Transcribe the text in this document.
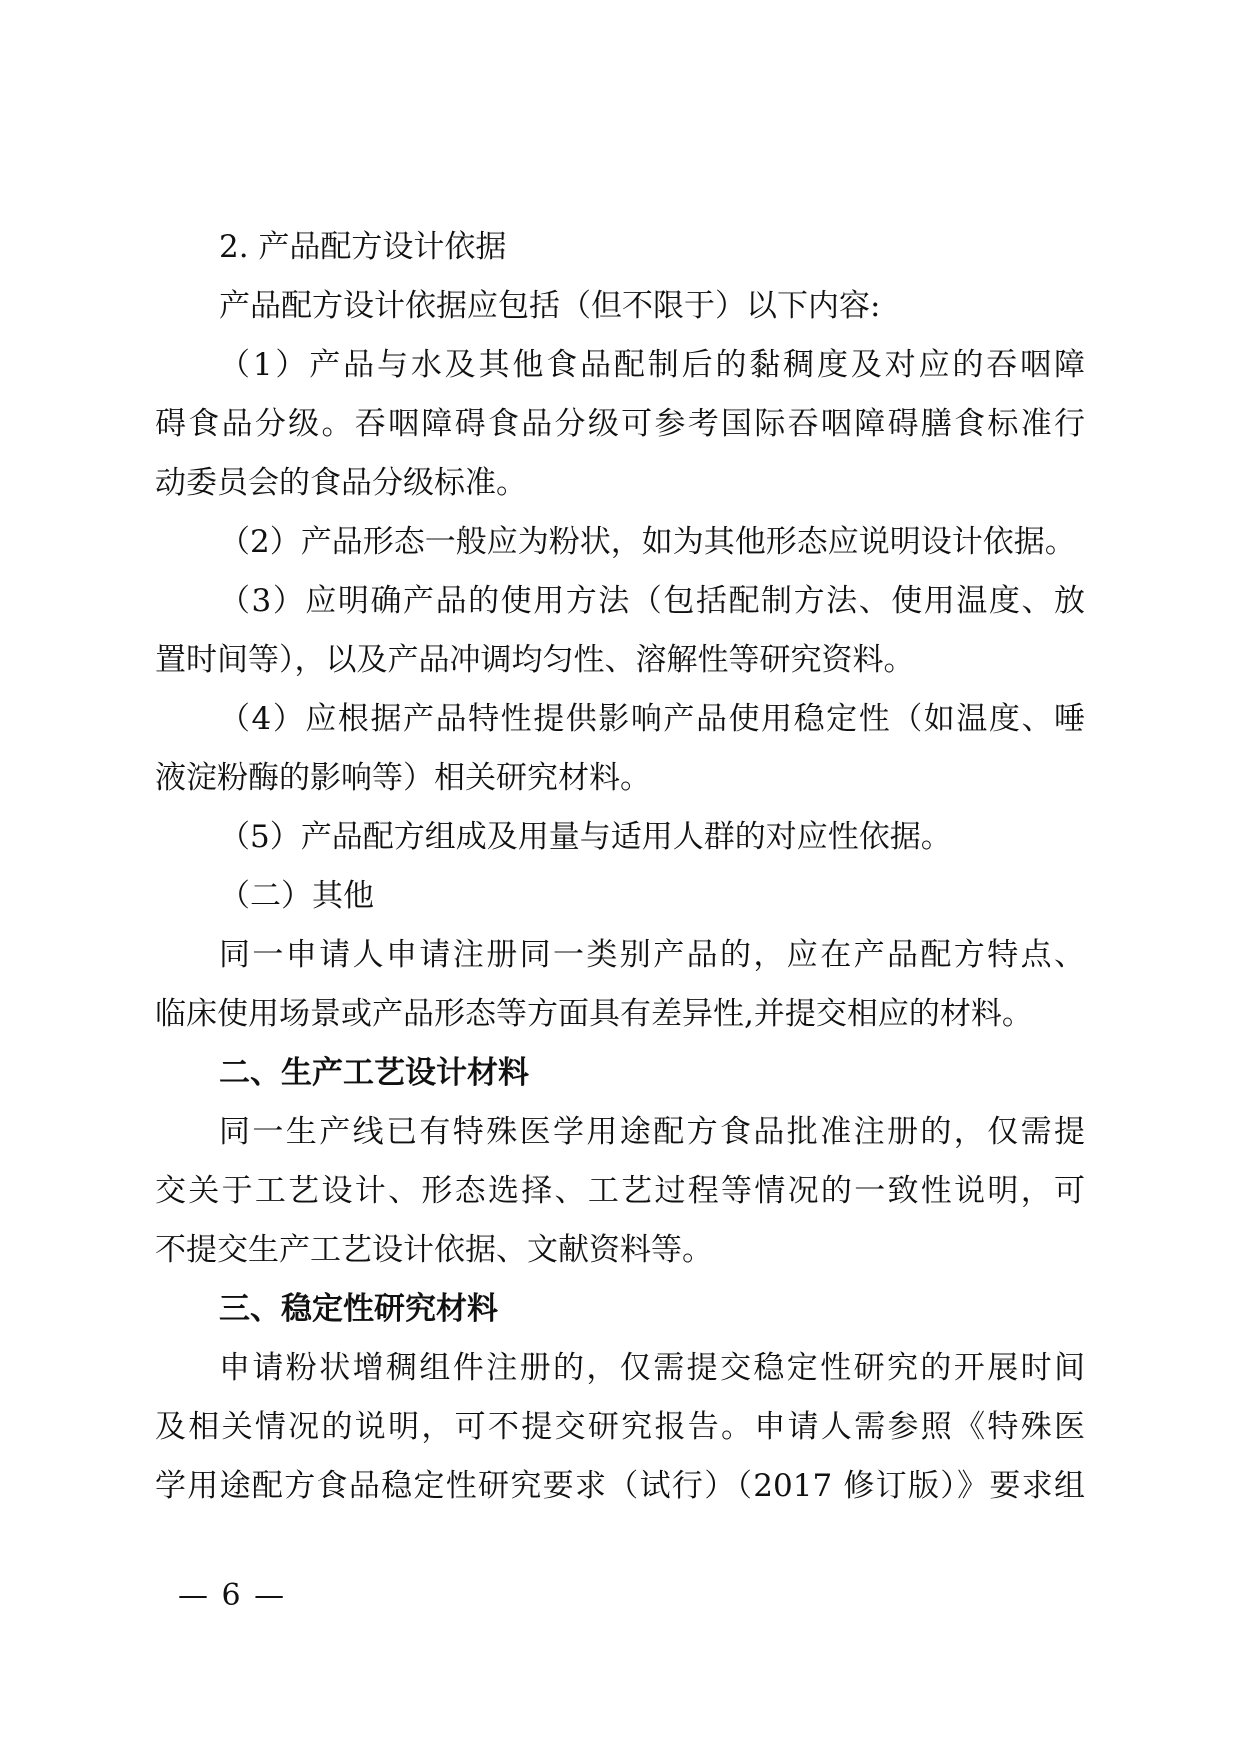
2. 产品配方设计依据

产品配方设计依据应包括（但不限于）以下内容:

（1）产品与水及其他食品配制后的黏稠度及对应的吞咽障

碍食品分级。吞咽障碍食品分级可参考国际吞咽障碍膳食标准行

动委员会的食品分级标准。

（2）产品形态一般应为粉状，如为其他形态应说明设计依据。

（3）应明确产品的使用方法（包括配制方法、使用温度、放

置时间等），以及产品冲调均匀性、溶解性等研究资料。

（4）应根据产品特性提供影响产品使用稳定性（如温度、唾

液淀粉酶的影响等）相关研究材料。

（5）产品配方组成及用量与适用人群的对应性依据。

（二）其他

同一申请人申请注册同一类别产品的，应在产品配方特点、

临床使用场景或产品形态等方面具有差异性,并提交相应的材料。

二、生产工艺设计材料

同一生产线已有特殊医学用途配方食品批准注册的，仅需提

交关于工艺设计、形态选择、工艺过程等情况的一致性说明，可

不提交生产工艺设计依据、文献资料等。

三、稳定性研究材料

申请粉状增稠组件注册的，仅需提交稳定性研究的开展时间

及相关情况的说明，可不提交研究报告。申请人需参照《特殊医

学用途配方食品稳定性研究要求（试行）（2017 修订版）》要求组

— 6 —
